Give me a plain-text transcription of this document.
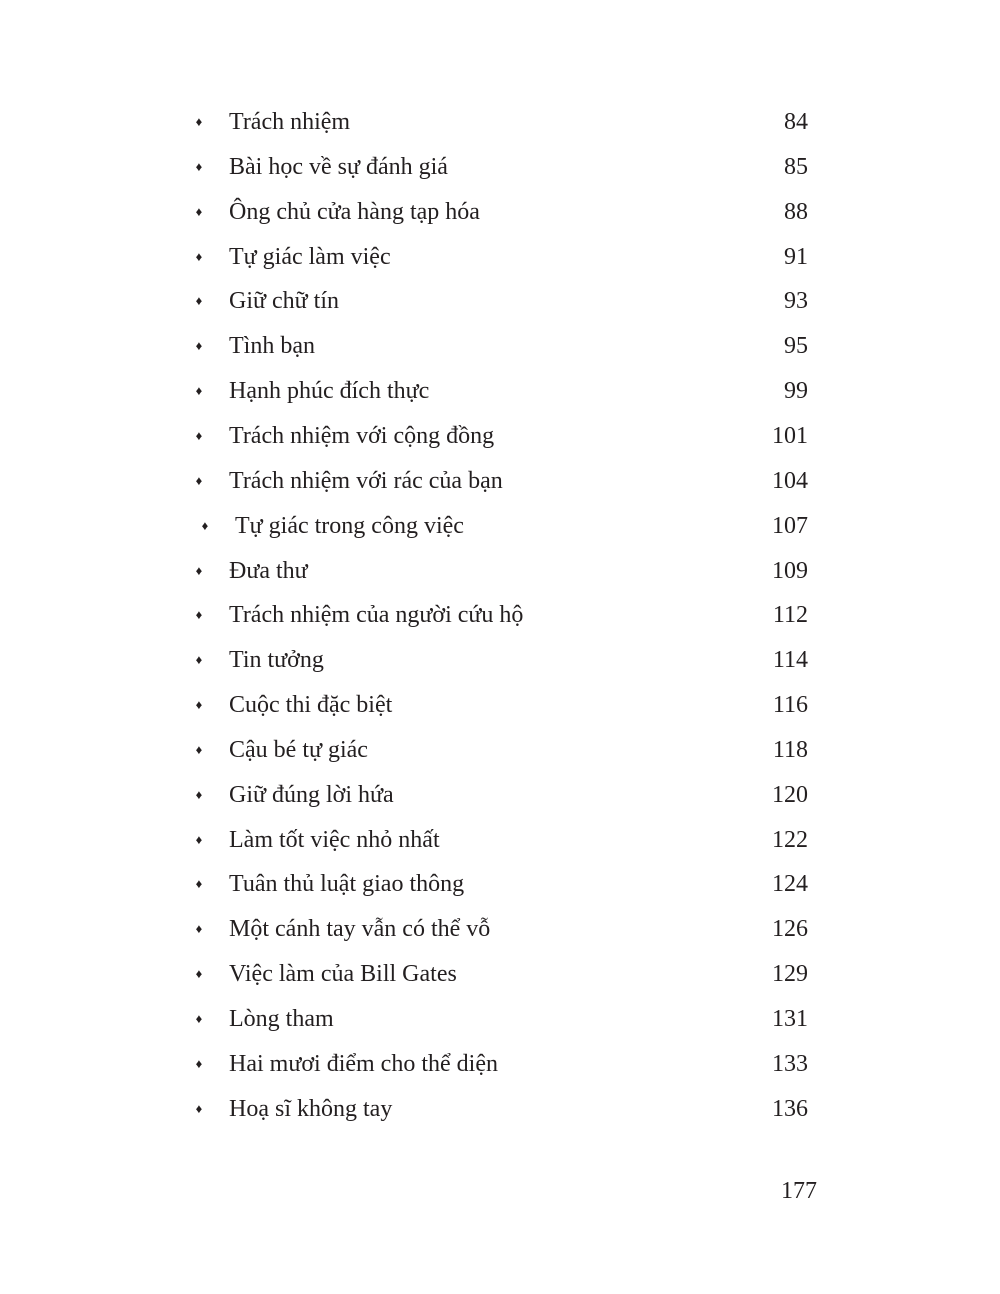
♦ Trách nhiệm	84
♦ Bài học về sự đánh giá	85
♦ Ông chủ cửa hàng tạp hóa	88
♦ Tự giác làm việc	91
♦ Giữ chữ tín	93
♦ Tình bạn	95
♦ Hạnh phúc đích thực	99
♦ Trách nhiệm với cộng đồng	101
♦ Trách nhiệm với rác của bạn	104
♦ Tự giác trong công việc	107
♦ Đưa thư	109
♦ Trách nhiệm của người cứu hộ	112
♦ Tin tưởng	114
♦ Cuộc thi đặc biệt	116
♦ Cậu bé tự giác	118
♦ Giữ đúng lời hứa	120
♦ Làm tốt việc nhỏ nhất	122
♦ Tuân thủ luật giao thông	124
♦ Một cánh tay vẫn có thể vỗ	126
♦ Việc làm của Bill Gates	129
♦ Lòng tham	131
♦ Hai mươi điểm cho thể diện	133
♦ Hoạ sĩ không tay	136
177
